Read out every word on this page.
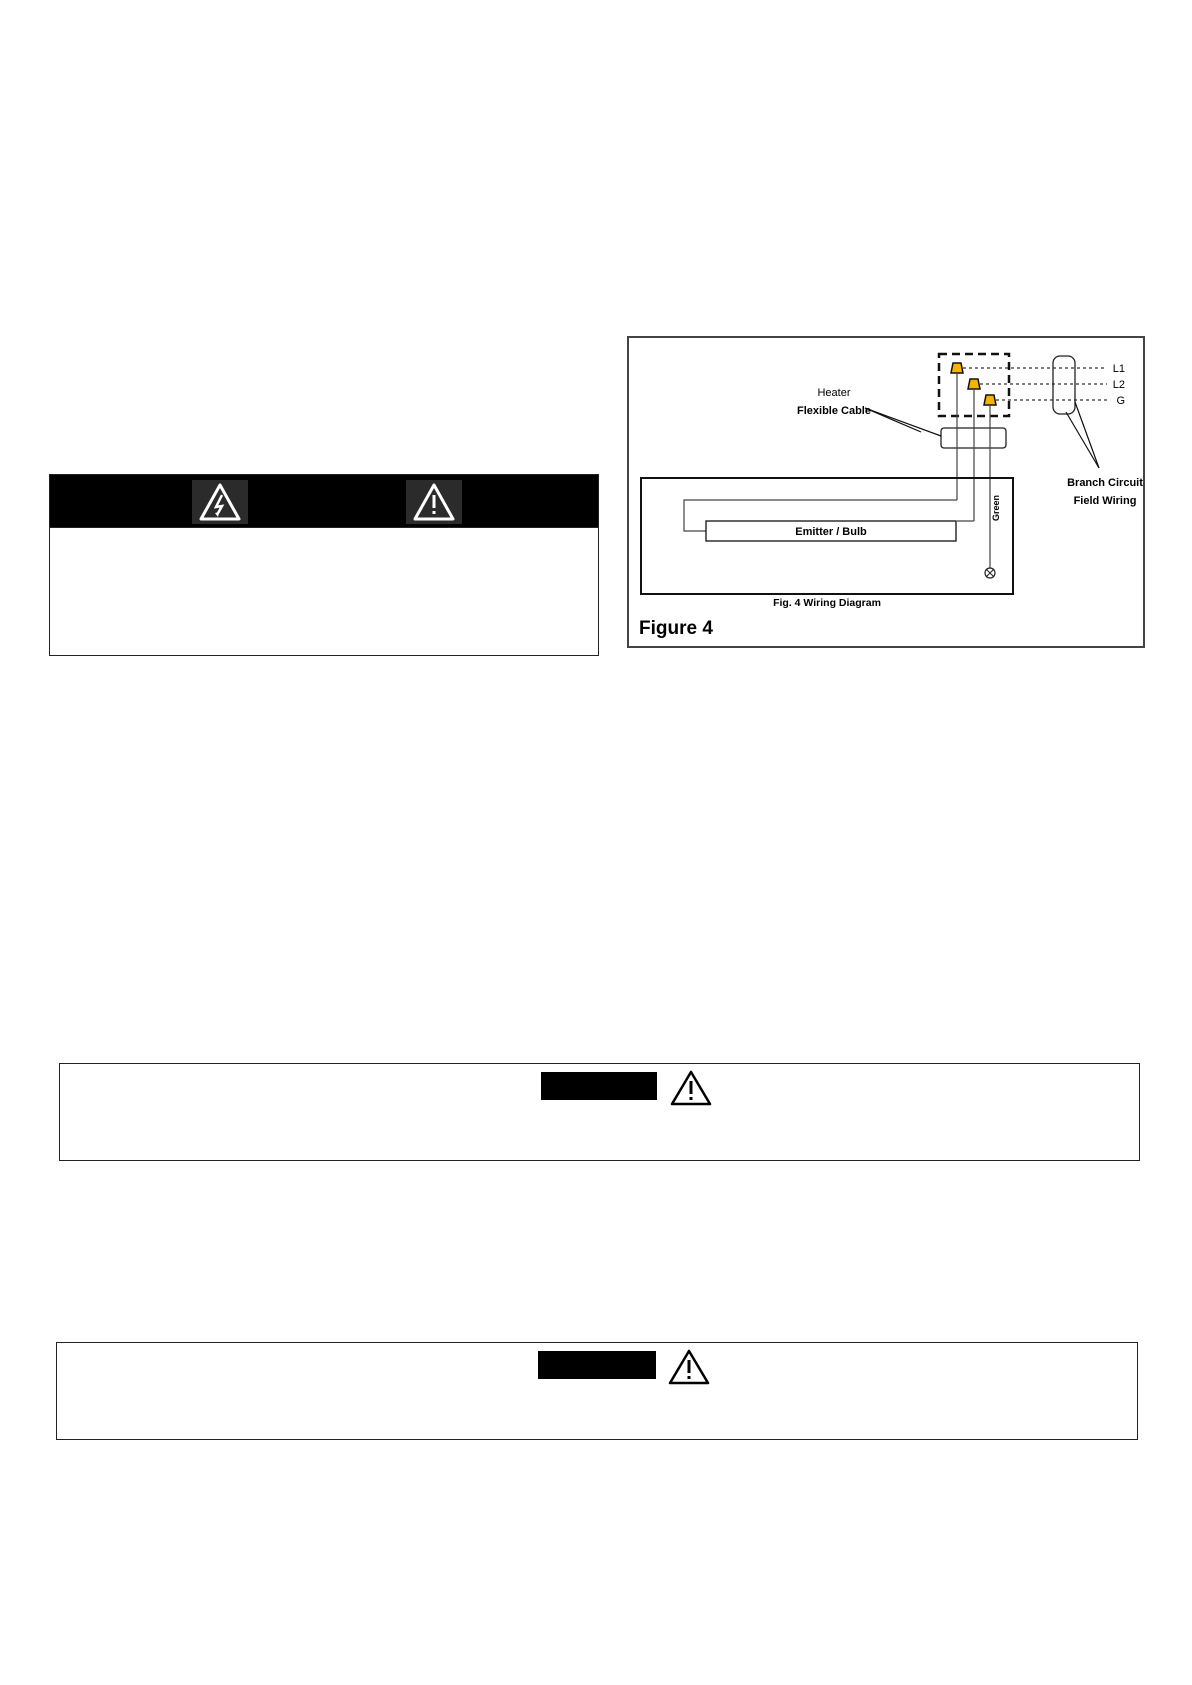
Heater
Flexible Cable
Emitter / Bulb
Green
L1
L2
G
Branch Circuit
Field Wiring
Fig. 4 Wiring Diagram
Figure 4
